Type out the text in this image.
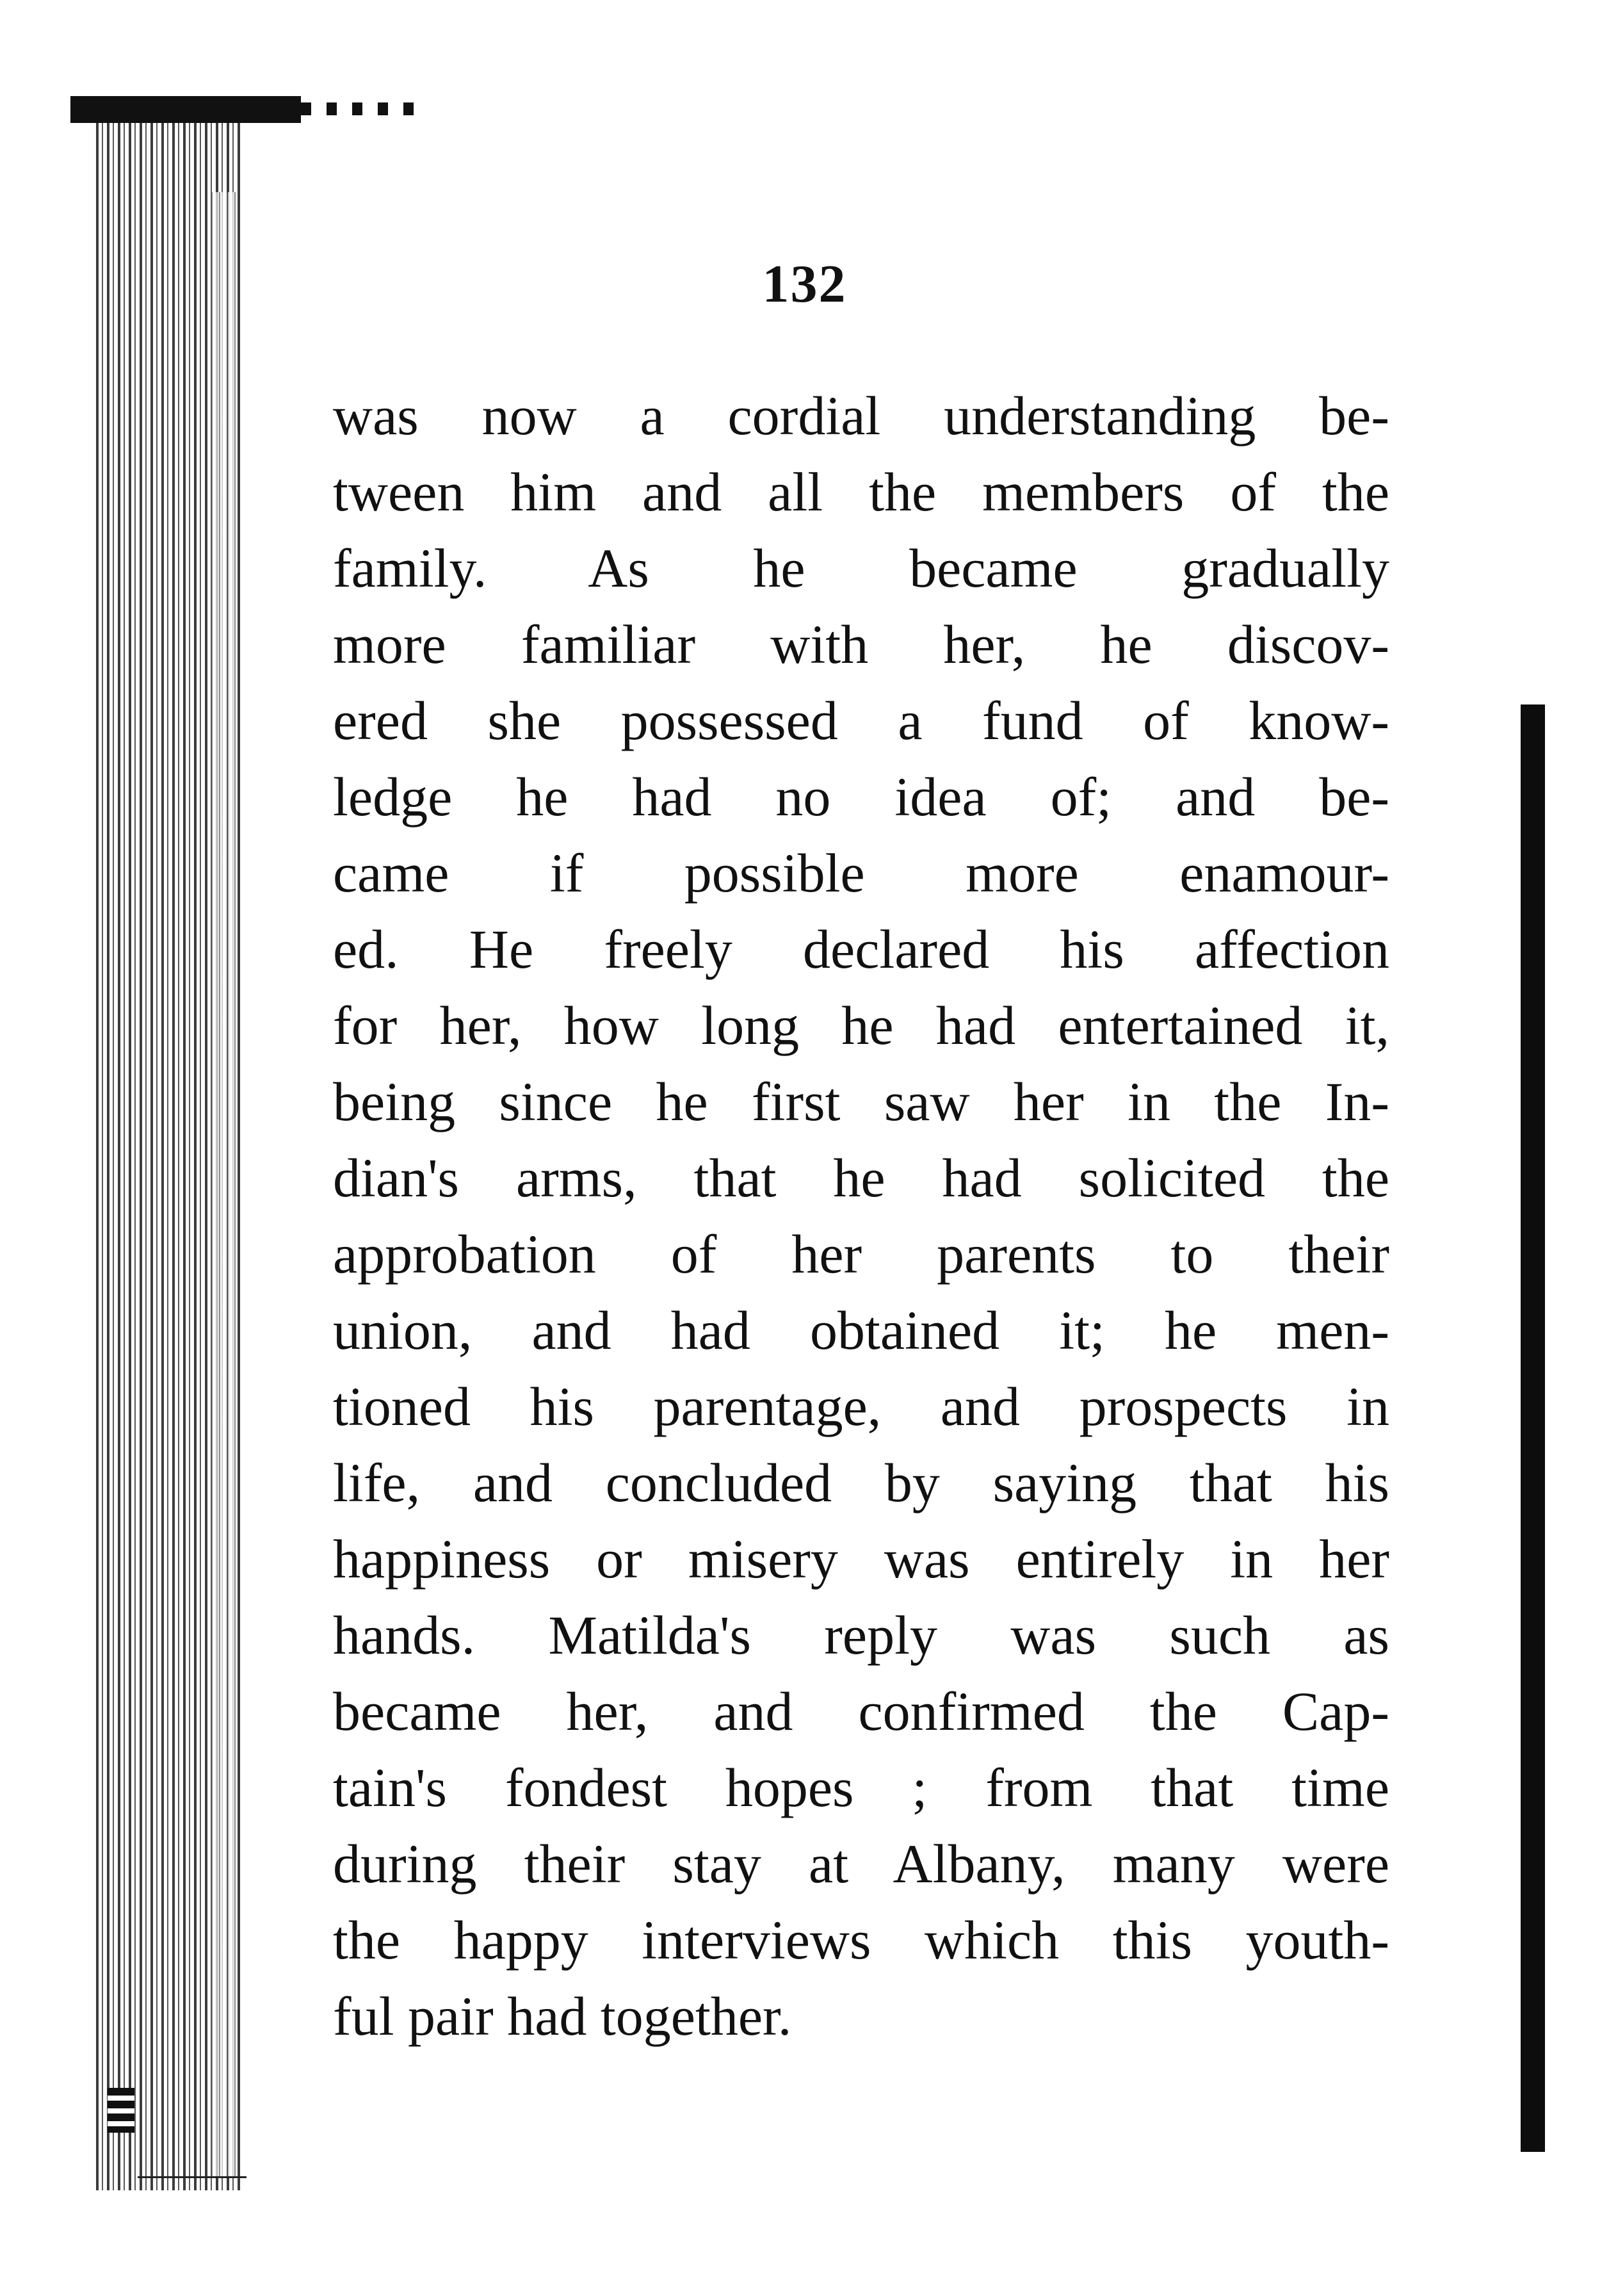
132
was now a cordial understanding be-
tween him and all the members of the
family. As he became gradually
more familiar with her, he discov-
ered she possessed a fund of know-
ledge he had no idea of; and be-
came if possible more enamour-
ed. He freely declared his affection
for her, how long he had entertained it,
being since he first saw her in the In-
dian's arms, that he had solicited the
approbation of her parents to their
union, and had obtained it; he men-
tioned his parentage, and prospects in
life, and concluded by saying that his
happiness or misery was entirely in her
hands. Matilda's reply was such as
became her, and confirmed the Cap-
tain's fondest hopes ; from that time
during their stay at Albany, many were
the happy interviews which this youth-
ful pair had together.
